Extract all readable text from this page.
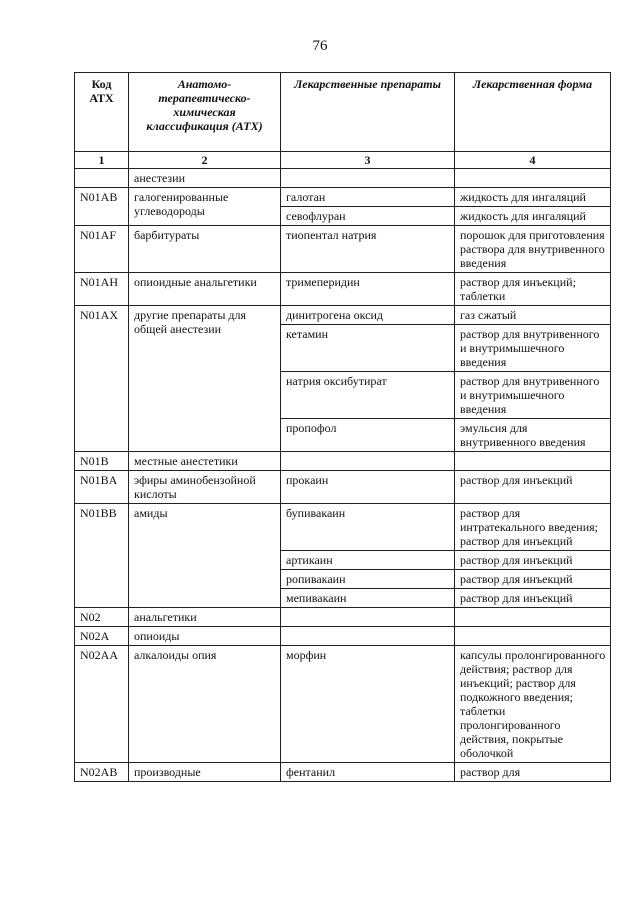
76
Код АТХ	Анатомо-терапевтическо-химическая классификация (АТХ)	Лекарственные препараты	Лекарственная форма
1	2	3	4
	анестезии		
N01AB	галогенированные углеводороды	галотан	жидкость для ингаляций
		севофлуран	жидкость для ингаляций
N01AF	барбитураты	тиопентал натрия	порошок для приготовления раствора для внутривенного введения
N01AH	опиоидные анальгетики	тримеперидин	раствор для инъекций; таблетки
N01AX	другие препараты для общей анестезии	динитрогена оксид	газ сжатый
		кетамин	раствор для внутривенного и внутримышечного введения
		натрия оксибутират	раствор для внутривенного и внутримышечного введения
		пропофол	эмульсия для внутривенного введения
N01B	местные анестетики		
N01BA	эфиры аминобензойной кислоты	прокаин	раствор для инъекций
N01BB	амиды	бупивакаин	раствор для интратекального введения; раствор для инъекций
		артикаин	раствор для инъекций
		ропивакаин	раствор для инъекций
		мепивакаин	раствор для инъекций
N02	анальгетики		
N02A	опиоиды		
N02AA	алкалоиды опия	морфин	капсулы пролонгированного действия; раствор для инъекций; раствор для подкожного введения; таблетки пролонгированного действия, покрытые оболочкой
N02AB	производные	фентанил	раствор для
